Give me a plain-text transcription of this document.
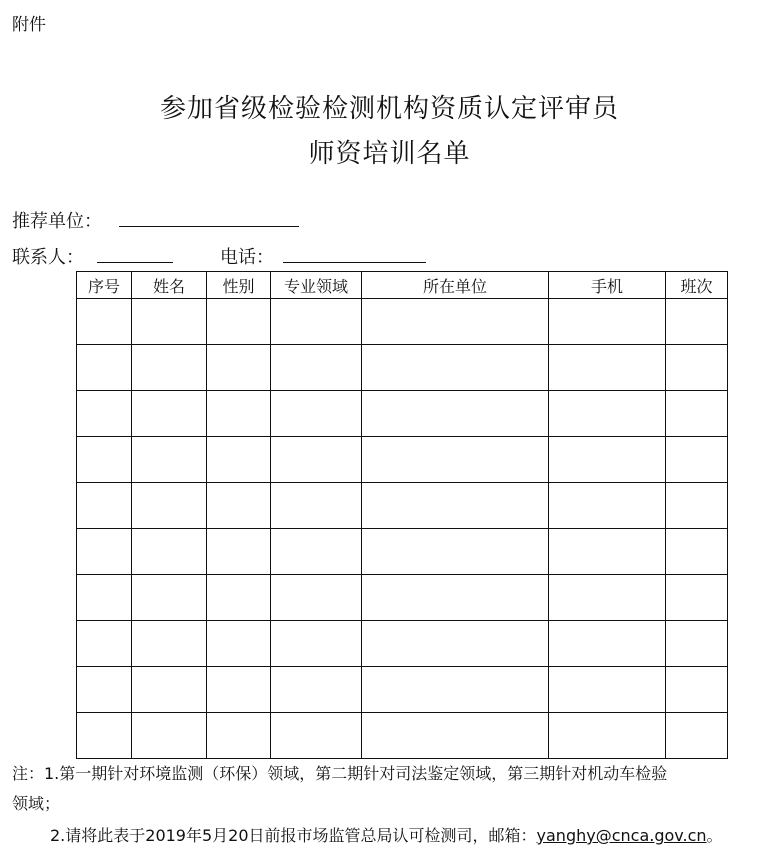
附件
参加省级检验检测机构资质认定评审员
师资培训名单
推荐单位：
联系人：	电话：
序号	姓名	性别	专业领域	所在单位	手机	班次

注：1.第一期针对环境监测（环保）领域，第二期针对司法鉴定领域，第三期针对机动车检验
领域；
2.请将此表于2019年5月20日前报市场监管总局认可检测司，邮箱：yanghy@cnca.gov.cn。
